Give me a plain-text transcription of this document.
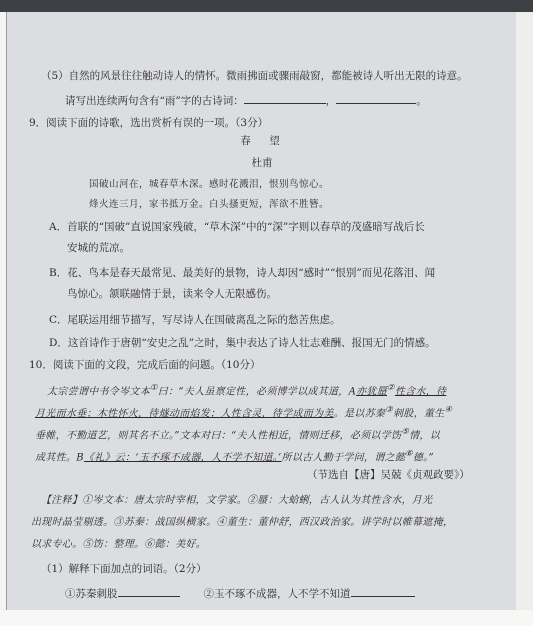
（5）自然的风景往往触动诗人的情怀。微雨拂面或骤雨敲窗，都能被诗人听出无限的诗意。
请写出连续两句含有“雨”字的古诗词：	，	。
9．阅读下面的诗歌，选出赏析有误的一项。（3分）
春　望
杜甫
国破山河在，城春草木深。感时花溅泪，恨别鸟惊心。
烽火连三月，家书抵万金。白头搔更短，浑欲不胜簪。
A．首联的“国破”直说国家残破，“草木深”中的“深”字则以春草的茂盛暗写战后长
安城的荒凉。
B．花、鸟本是春天最常见、最美好的景物，诗人却因“感时”“恨别”而见花落泪、闻
鸟惊心。颔联融情于景，读来令人无限感伤。
C．尾联运用细节描写，写尽诗人在国破离乱之际的愁苦焦虑。
D．这首诗作于唐朝“安史之乱”之时，集中表达了诗人壮志难酬、报国无门的情感。
10．阅读下面的文段，完成后面的问题。（10分）
太宗尝谓中书令岑文本①曰：“夫人虽禀定性，必须博学以成其道，A亦犹蜃②性含水，待
月光而水垂；木性怀火，待燧动而焰发；人性含灵，待学成而为美。是以苏秦③刺股，董生④
垂帷，不勤道艺，则其名不立。”文本对曰：“夫人性相近，情则迁移，必须以学饬⑤情，以
成其性。B《礼》云：‘玉不琢不成器，人不学不知道。’所以古人勤于学问，谓之懿⑥德。”
（节选自【唐】吴兢《贞观政要》）
【注释】①岑文本：唐太宗时宰相，文学家。②蜃：大蛤蜊，古人认为其性含水，月光
出现时晶莹剔透。③苏秦：战国纵横家。④董生：董仲舒，西汉政治家。讲学时以帷幕遮掩，
以求专心。⑤饬：整理。⑥懿：美好。
（1）解释下面加点的词语。（2分）
①苏秦刺股	②玉不琢不成器，人不学不知道
